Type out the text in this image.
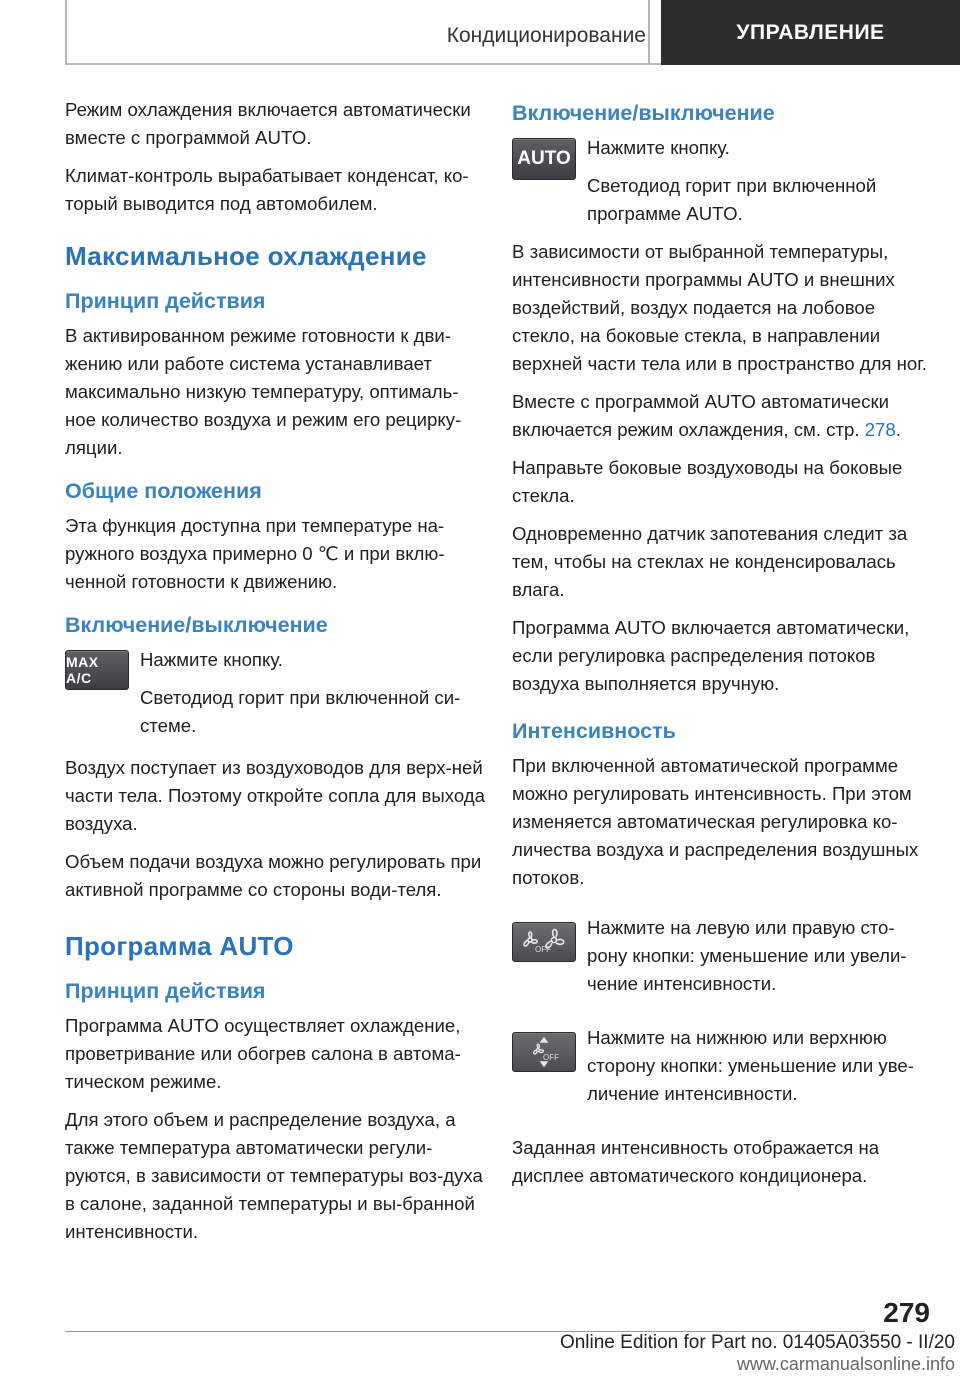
Кондиционирование	УПРАВЛЕНИЕ

Режим охлаждения включается автоматически вместе с программой AUTO.

Климат-контроль вырабатывает конденсат, ко-торый выводится под автомобилем.

Максимальное охлаждение
Принцип действия

В активированном режиме готовности к дви-жению или работе система устанавливает максимально низкую температуру, оптималь-ное количество воздуха и режим его рецирку-ляции.

Общие положения

Эта функция доступна при температуре на-ружного воздуха примерно 0 ℃ и при вклю-ченной готовности к движению.

Включение/выключение
MAX A/C

Нажмите кнопку.

Светодиод горит при включенной си-стеме.

Воздух поступает из воздуховодов для верх-ней части тела. Поэтому откройте сопла для выхода воздуха.

Объем подачи воздуха можно регулировать при активной программе со стороны води-теля.

Программа AUTO
Принцип действия

Программа AUTO осуществляет охлаждение, проветривание или обогрев салона в автома-тическом режиме.

Для этого объем и распределение воздуха, а также температура автоматически регули-руются, в зависимости от температуры воз-духа в салоне, заданной температуры и вы-бранной интенсивности.

Включение/выключение
AUTO

Нажмите кнопку.

Светодиод горит при включенной программе AUTO.

В зависимости от выбранной температуры, интенсивности программы AUTO и внешних воздействий, воздух подается на лобовое стекло, на боковые стекла, в направлении верхней части тела или в пространство для ног.

Вместе с программой AUTO автоматически включается режим охлаждения, см. стр. 278.

Направьте боковые воздуховоды на боковые стекла.

Одновременно датчик запотевания следит за тем, чтобы на стеклах не конденсировалась влага.

Программа AUTO включается автоматически, если регулировка распределения потоков воздуха выполняется вручную.

Интенсивность

При включенной автоматической программе можно регулировать интенсивность. При этом изменяется автоматическая регулировка ко-личества воздуха и распределения воздушных потоков.

OFF

Нажмите на левую или правую сто-рону кнопки: уменьшение или увели-чение интенсивности.

OFF

Нажмите на нижнюю или верхнюю сторону кнопки: уменьшение или уве-личение интенсивности.

Заданная интенсивность отображается на дисплее автоматического кондиционера.

279
Online Edition for Part no. 01405A03550 - II/20 www.carmanualsonline.info
